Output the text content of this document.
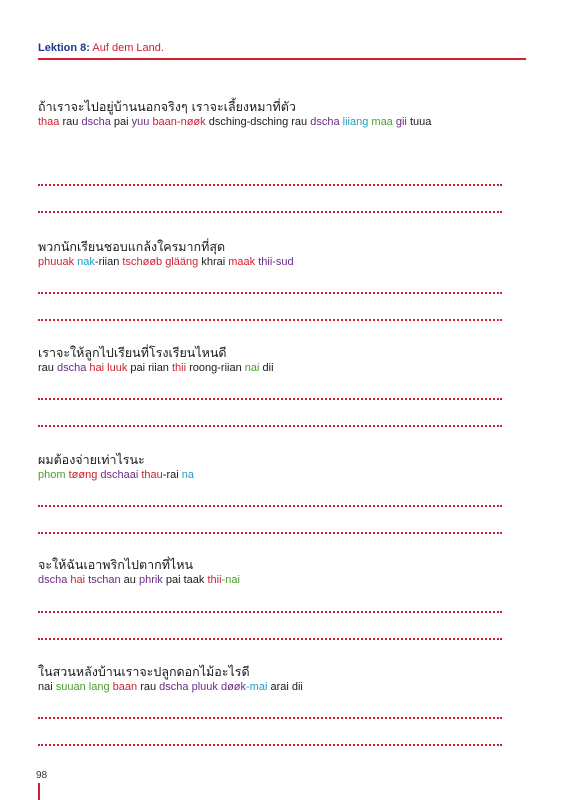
Lektion 8: Auf dem Land.
ถ้าเราจะไปอยู่บ้านนอกจริงๆ เราจะเลี้ยงหมาที่ตัว
thaa rau dscha pai yuu baan-nøøk dsching-dsching rau dscha liiang maa gii tuua
พวกนักเรียนชอบแกล้งใครมากที่สุด
phuuak nak-riian tschøøb glääng khrai maak thii-sud
เราจะให้ลูกไปเรียนที่โรงเรียนไหนดี
rau dscha hai luuk pai riian thii roong-riian nai dii
ผมต้องจ่ายเท่าไรนะ
phom tøøng dschaai thau-rai na
จะให้ฉันเอาพริกไปตากที่ไหน
dscha hai tschan au phrik pai taak thii-nai
ในสวนหลังบ้านเราจะปลูกดอกไม้อะไรดี
nai suuan lang baan rau dscha pluuk døøk-mai arai dii
98
